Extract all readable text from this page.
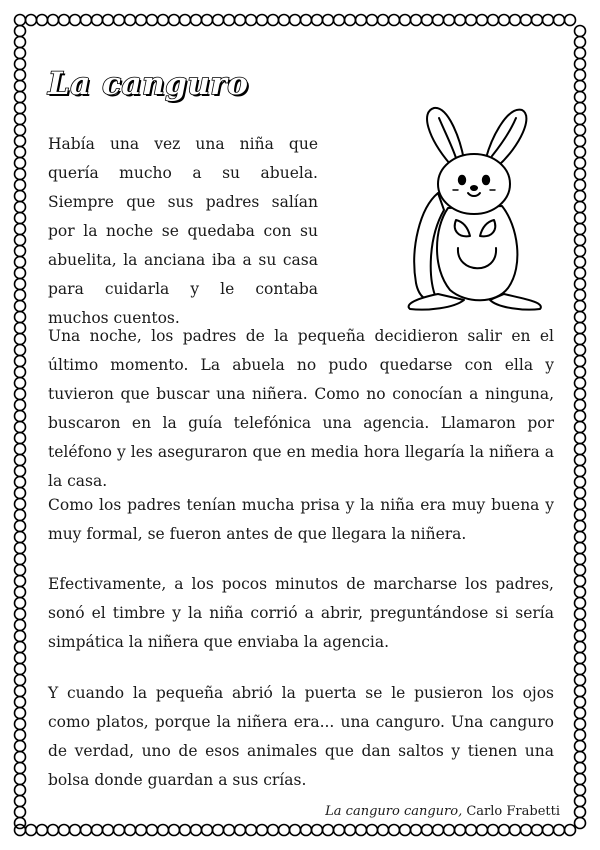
La canguro

Había una vez una niña que quería mucho a su abuela. Siempre que sus padres salían por la noche se quedaba con su abuelita, la anciana iba a su casa para cuidarla y le contaba muchos cuentos.

Una noche, los padres de la pequeña decidieron salir en el último momento. La abuela no pudo quedarse con ella y tuvieron que buscar una niñera. Como no conocían a ninguna, buscaron en la guía telefónica una agencia. Llamaron por teléfono y les aseguraron que en media hora llegaría la niñera a la casa.

Como los padres tenían mucha prisa y la niña era muy buena y muy formal, se fueron antes de que llegara la niñera.

Efectivamente, a los pocos minutos de marcharse los padres, sonó el timbre y la niña corrió a abrir, preguntándose si sería simpática la niñera que enviaba la agencia.

Y cuando la pequeña abrió la puerta se le pusieron los ojos como platos, porque la niñera era... una canguro. Una canguro de verdad, uno de esos animales que dan saltos y tienen una bolsa donde guardan a sus crías.

La canguro canguro, Carlo Frabetti
